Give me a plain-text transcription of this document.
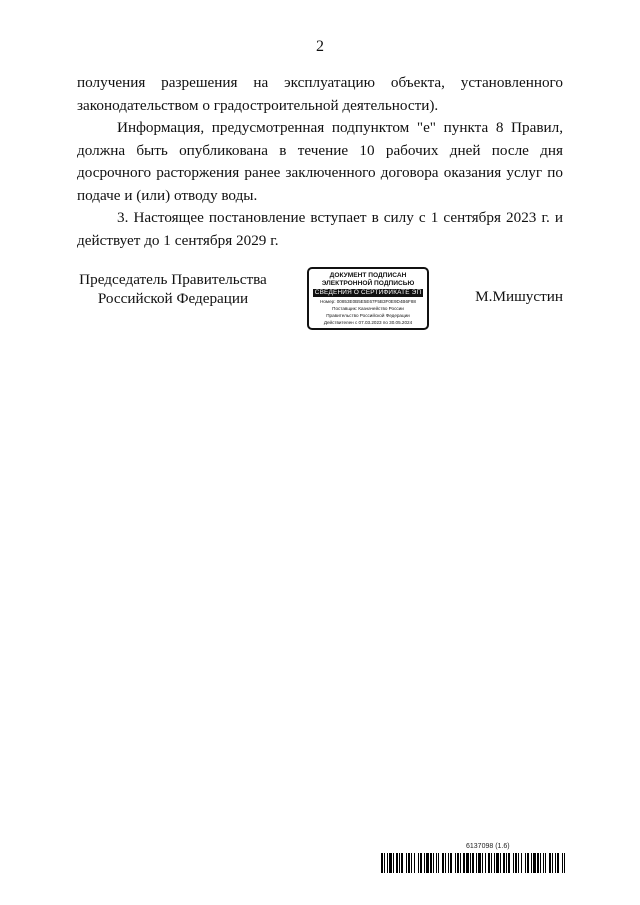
2

получения разрешения на эксплуатацию объекта, установленного законодательством о градостроительной деятельности).

Информация, предусмотренная подпунктом "е" пункта 8 Правил, должна быть опубликована в течение 10 рабочих дней после дня досрочного расторжения ранее заключенного договора оказания услуг по подаче и (или) отводу воды.

3. Настоящее постановление вступает в силу с 1 сентября 2023 г. и действует до 1 сентября 2029 г.

Председатель Правительства
Российской Федерации
ДОКУМЕНТ ПОДПИСАН
ЭЛЕКТРОННОЙ ПОДПИСЬЮ
СВЕДЕНИЯ О СЕРТИФИКАТЕ ЭП
Номер: 00853E0B5E5E67F5B3F0E9D4B6F88
Поставщик: Казначейство России
Правительство Российской Федерации
Действителен с 07.03.2023 по 30.05.2024
М.Мишустин
6137098 (1.6)
